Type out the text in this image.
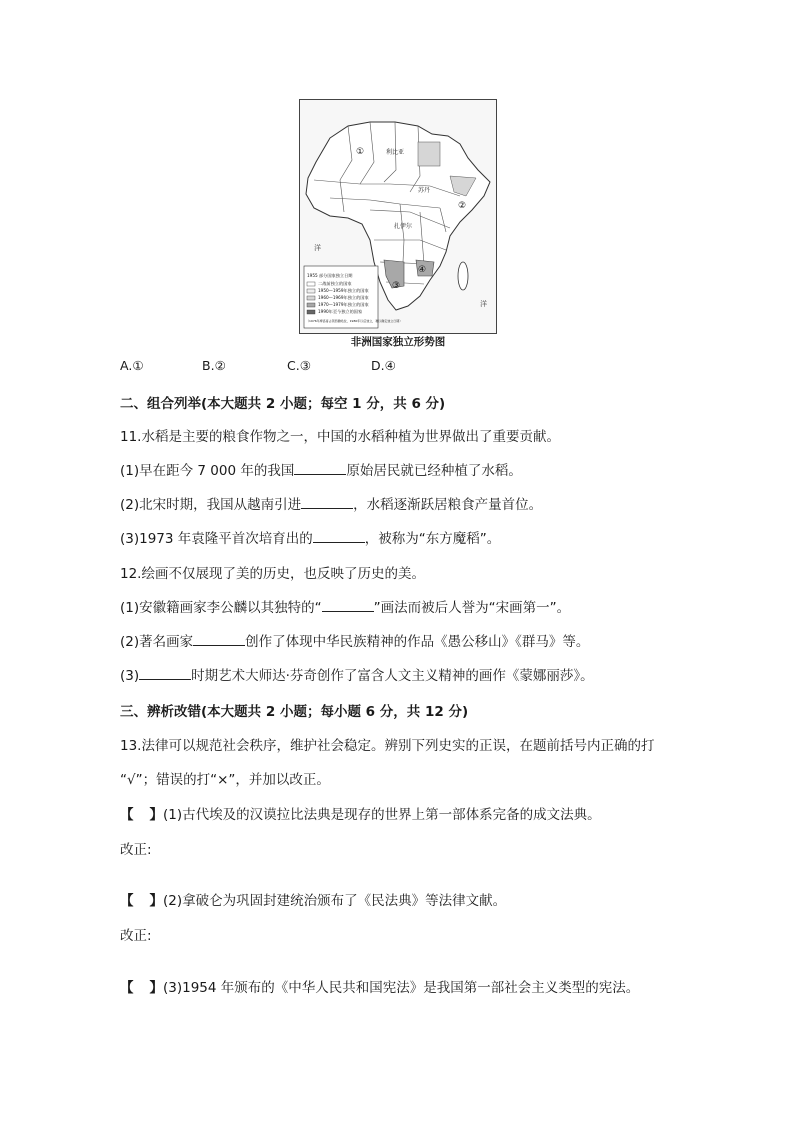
①
②
③
④
利比亚
苏丹
扎伊尔
洋
洋
1955 部分国家独立日期
二战前独立的国家
1950—1959年独立的国家
1960—1969年独立的国家
1970—1979年独立的国家
1990年至今独立的国家
（1976年摩洛哥占领西撒哈拉，1980年以后独立，难以确定独立日期）
非洲国家独立形势图
A.①	B.②	C.③	D.④
二、组合列举(本大题共 2 小题；每空 1 分，共 6 分)
11.水稻是主要的粮食作物之一，中国的水稻种植为世界做出了重要贡献。
(1)早在距今 7 000 年的我国	原始居民就已经种植了水稻。
(2)北宋时期，我国从越南引进	，水稻逐渐跃居粮食产量首位。
(3)1973 年袁隆平首次培育出的	，被称为“东方魔稻”。
12.绘画不仅展现了美的历史，也反映了历史的美。
(1)安徽籍画家李公麟以其独特的“	”画法而被后人誉为“宋画第一”。
(2)著名画家	创作了体现中华民族精神的作品《愚公移山》《群马》等。
(3)	时期艺术大师达·芬奇创作了富含人文主义精神的画作《蒙娜丽莎》。
三、辨析改错(本大题共 2 小题；每小题 6 分，共 12 分)
13.法律可以规范社会秩序，维护社会稳定。辨别下列史实的正误，在题前括号内正确的打
“√”；错误的打“×”，并加以改正。
【 】(1)古代埃及的汉谟拉比法典是现存的世界上第一部体系完备的成文法典。
改正:
【 】(2)拿破仑为巩固封建统治颁布了《民法典》等法律文献。
改正:
【 】(3)1954 年颁布的《中华人民共和国宪法》是我国第一部社会主义类型的宪法。
